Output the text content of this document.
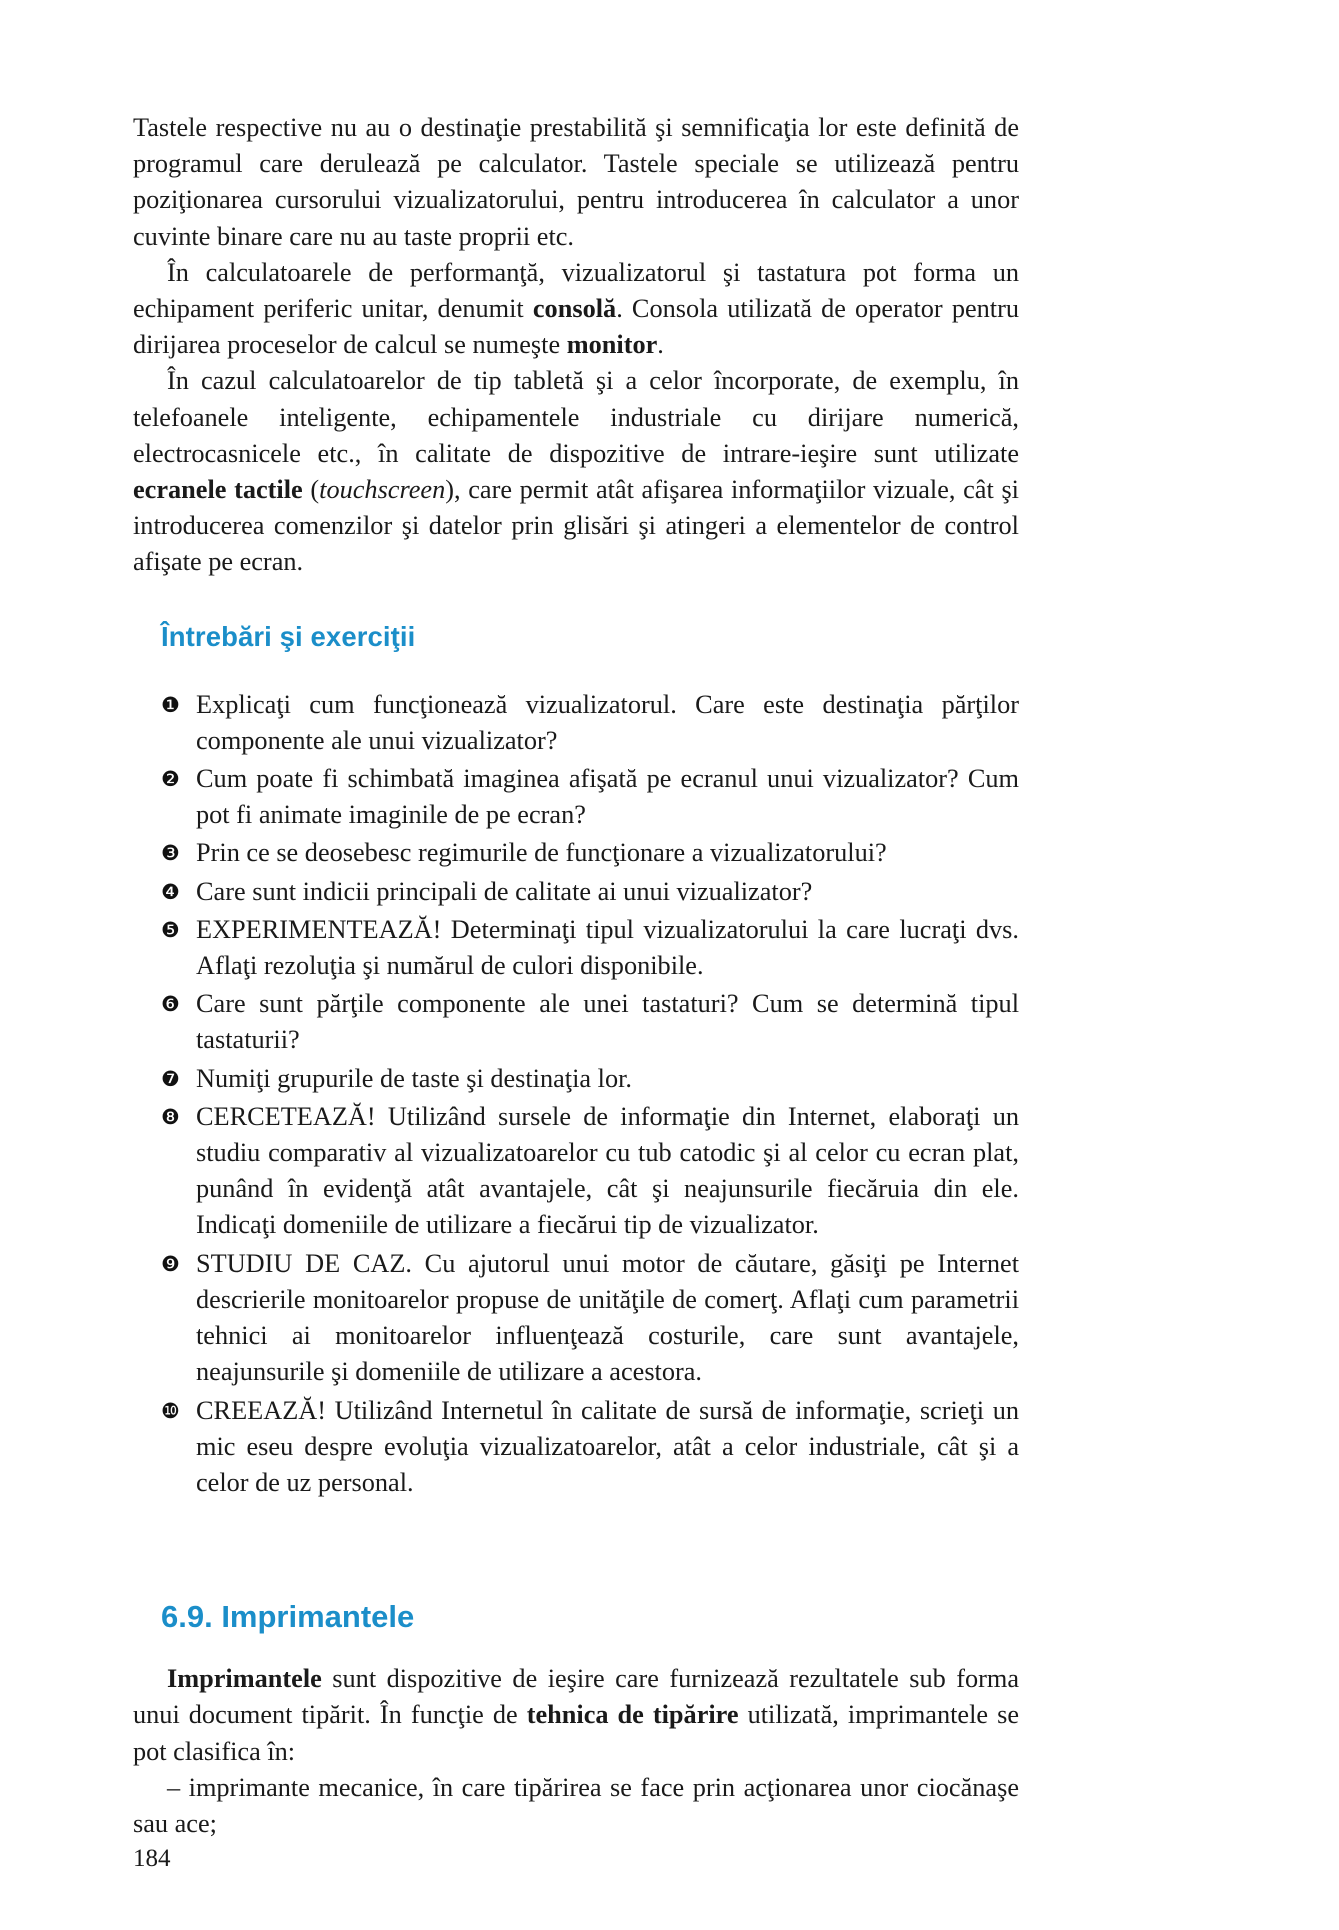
Tastele respective nu au o destinaţie prestabilită şi semnificaţia lor este definită de programul care derulează pe calculator. Tastele speciale se utilizează pentru poziţionarea cursorului vizualizatorului, pentru introducerea în calculator a unor cuvinte binare care nu au taste proprii etc.

În calculatoarele de performanţă, vizualizatorul şi tastatura pot forma un echipament periferic unitar, denumit consolă. Consola utilizată de operator pentru dirijarea proceselor de calcul se numeşte monitor.

În cazul calculatoarelor de tip tabletă şi a celor încorporate, de exemplu, în telefoanele inteligente, echipamentele industriale cu dirijare numerică, electrocasnicele etc., în calitate de dispozitive de intrare-ieşire sunt utilizate ecranele tactile (touchscreen), care permit atât afişarea informaţiilor vizuale, cât şi introducerea comenzilor şi datelor prin glisări şi atingeri a elementelor de control afişate pe ecran.

Întrebări şi exerciţii
❶ Explicaţi cum funcţionează vizualizatorul. Care este destinaţia părţilor componente ale unui vizualizator?
❷ Cum poate fi schimbată imaginea afişată pe ecranul unui vizualizator? Cum pot fi animate imaginile de pe ecran?
❸ Prin ce se deosebesc regimurile de funcţionare a vizualizatorului?
❹ Care sunt indicii principali de calitate ai unui vizualizator?
❺ EXPERIMENTEAZĂ! Determinaţi tipul vizualizatorului la care lucraţi dvs. Aflaţi rezoluţia şi numărul de culori disponibile.
❻ Care sunt părţile componente ale unei tastaturi? Cum se determină tipul tastaturii?
❼ Numiţi grupurile de taste şi destinaţia lor.
❽ CERCETEAZĂ! Utilizând sursele de informaţie din Internet, elaboraţi un studiu comparativ al vizualizatoarelor cu tub catodic şi al celor cu ecran plat, punând în evidenţă atât avantajele, cât şi neajunsurile fiecăruia din ele. Indicaţi domeniile de utilizare a fiecărui tip de vizualizator.
❾ STUDIU DE CAZ. Cu ajutorul unui motor de căutare, găsiţi pe Internet descrierile monitoarelor propuse de unităţile de comerţ. Aflaţi cum parametrii tehnici ai monitoarelor influenţează costurile, care sunt avantajele, neajunsurile şi domeniile de utilizare a acestora.
❿ CREEAZĂ! Utilizând Internetul în calitate de sursă de informaţie, scrieţi un mic eseu despre evoluţia vizualizatoarelor, atât a celor industriale, cât şi a celor de uz personal.
6.9. Imprimantele

Imprimantele sunt dispozitive de ieşire care furnizează rezultatele sub forma unui document tipărit. În funcţie de tehnica de tipărire utilizată, imprimantele se pot clasifica în:

– imprimante mecanice, în care tipărirea se face prin acţionarea unor ciocănaşe sau ace;

184
